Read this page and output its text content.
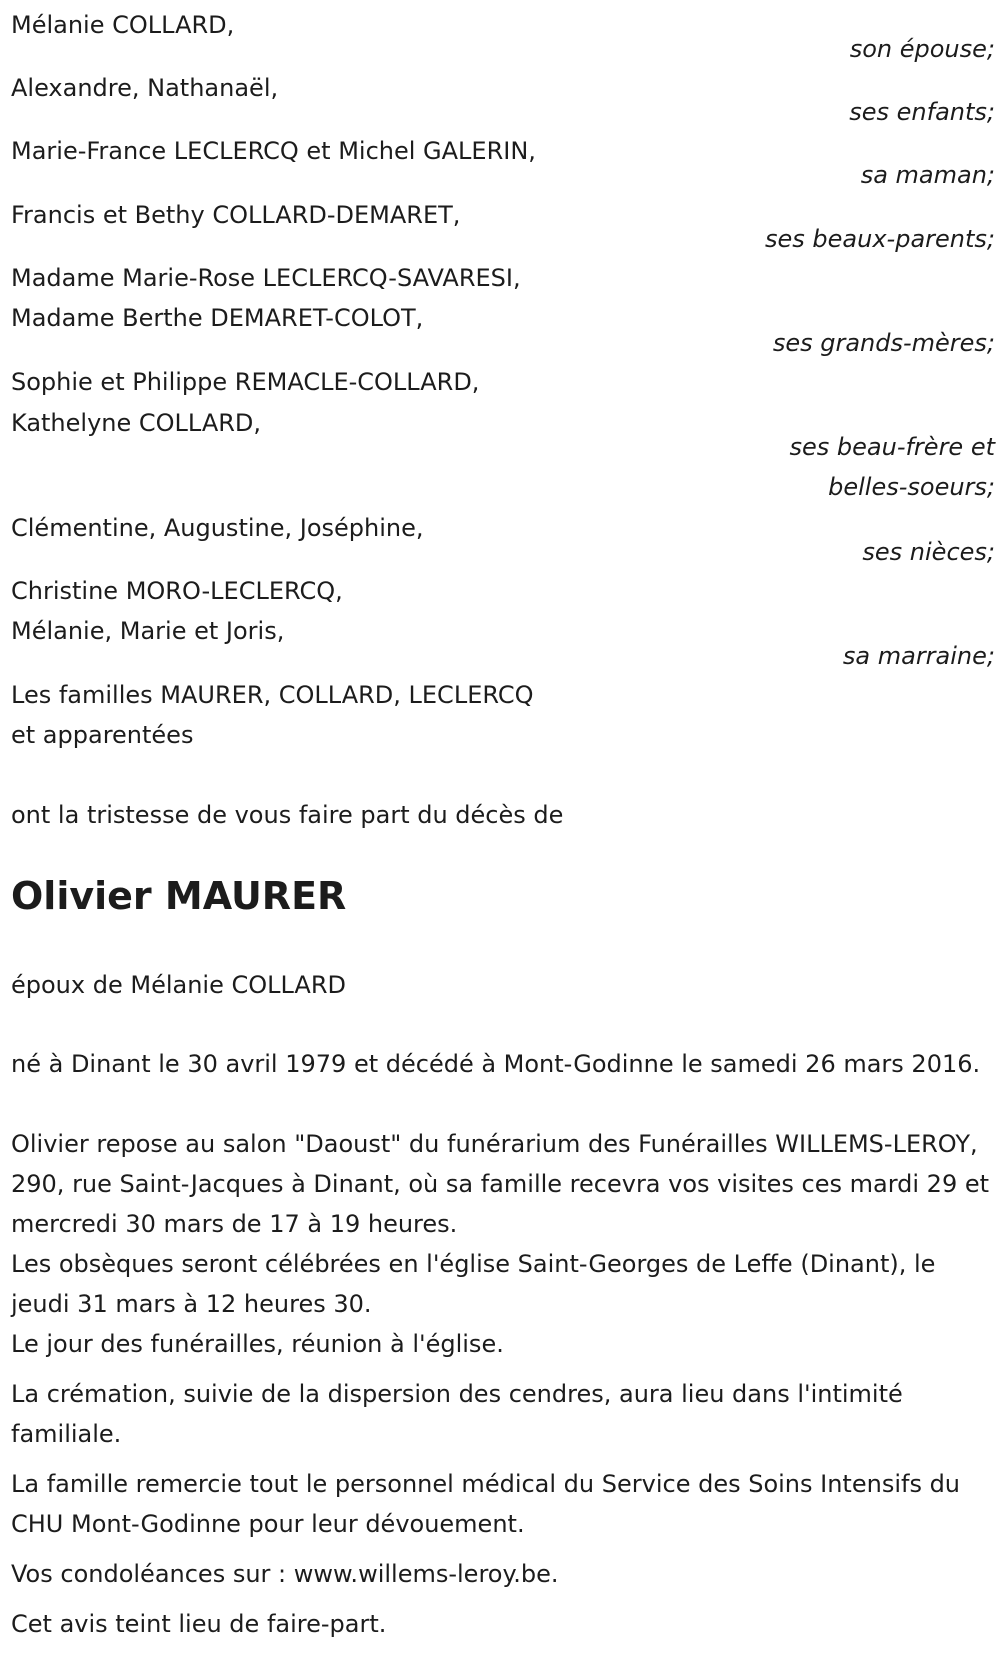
Mélanie COLLARD,
son épouse;
Alexandre, Nathanaël,
ses enfants;
Marie-France LECLERCQ et Michel GALERIN,
sa maman;
Francis et Bethy COLLARD-DEMARET,
ses beaux-parents;
Madame Marie-Rose LECLERCQ-SAVARESI,
Madame Berthe DEMARET-COLOT,
ses grands-mères;
Sophie et Philippe REMACLE-COLLARD,
Kathelyne COLLARD,
ses beau-frère et
belles-soeurs;
Clémentine, Augustine, Joséphine,
ses nièces;
Christine MORO-LECLERCQ,
Mélanie, Marie et Joris,
sa marraine;
Les familles MAURER, COLLARD, LECLERCQ
et apparentées
ont la tristesse de vous faire part du décès de
Olivier MAURER
époux de Mélanie COLLARD
né à Dinant le 30 avril 1979 et décédé à Mont-Godinne le samedi 26 mars 2016.
Olivier repose au salon "Daoust" du funérarium des Funérailles WILLEMS-LEROY, 290, rue Saint-Jacques à Dinant, où sa famille recevra vos visites ces mardi 29 et mercredi 30 mars de 17 à 19 heures.
Les obsèques seront célébrées en l'église Saint-Georges de Leffe (Dinant), le jeudi 31 mars à 12 heures 30.
Le jour des funérailles, réunion à l'église.
La crémation, suivie de la dispersion des cendres, aura lieu dans l'intimité familiale.
La famille remercie tout le personnel médical du Service des Soins Intensifs du CHU Mont-Godinne pour leur dévouement.
Vos condoléances sur : www.willems-leroy.be.
Cet avis teint lieu de faire-part.
